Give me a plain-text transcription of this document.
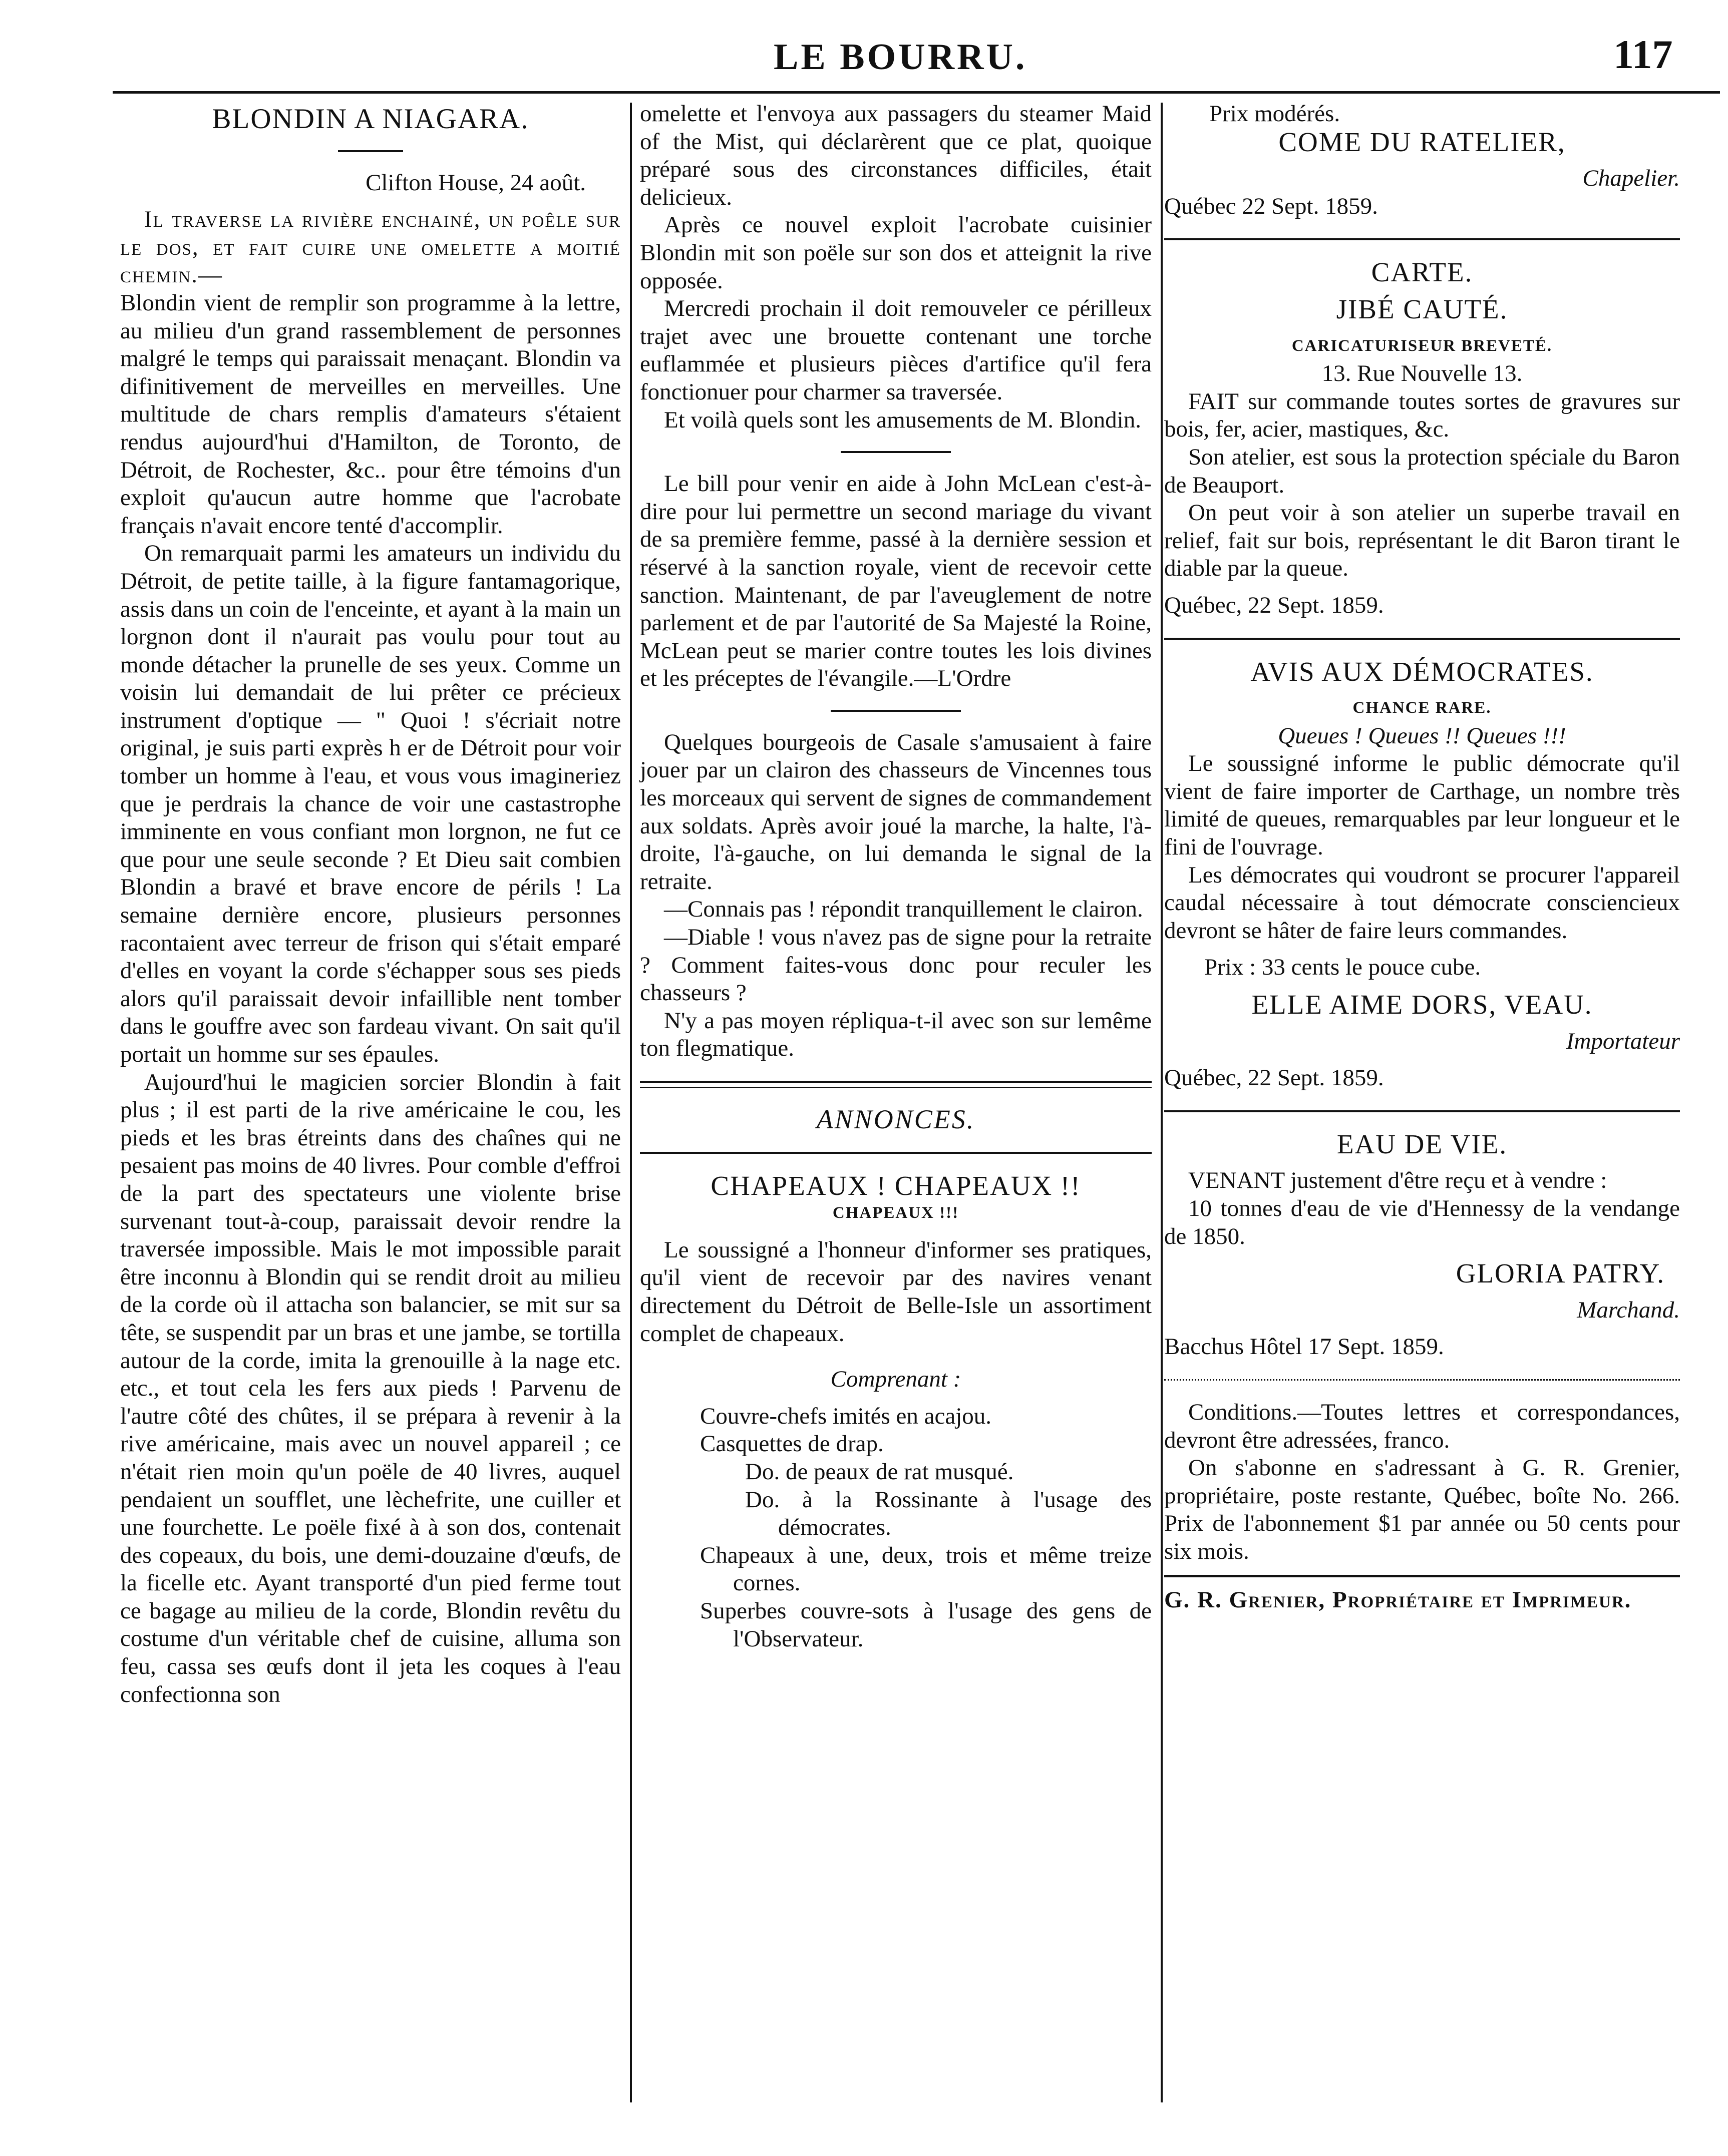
LE BOURRU.	117
BLONDIN A NIAGARA.

Clifton House, 24 août.

Il traverse la rivière enchainé, un poêle sur le dos, et fait cuire une omelette a moitié chemin.—

Blondin vient de remplir son programme à la lettre, au milieu d'un grand rassemblement de personnes malgré le temps qui paraissait menaçant. Blondin va difinitivement de merveilles en merveilles. Une multitude de chars remplis d'amateurs s'étaient rendus aujourd'hui d'Hamilton, de Toronto, de Détroit, de Rochester, &c.. pour être témoins d'un exploit qu'aucun autre homme que l'acrobate français n'avait encore tenté d'accomplir.

On remarquait parmi les amateurs un individu du Détroit, de petite taille, à la figure fantamagorique, assis dans un coin de l'enceinte, et ayant à la main un lorgnon dont il n'aurait pas voulu pour tout au monde détacher la prunelle de ses yeux. Comme un voisin lui demandait de lui prêter ce précieux instrument d'optique — " Quoi ! s'écriait notre original, je suis parti exprès h er de Détroit pour voir tomber un homme à l'eau, et vous vous imagineriez que je perdrais la chance de voir une castastrophe imminente en vous confiant mon lorgnon, ne fut ce que pour une seule seconde ? Et Dieu sait combien Blondin a bravé et brave encore de périls ! La semaine dernière encore, plusieurs personnes racontaient avec terreur de frison qui s'était emparé d'elles en voyant la corde s'échapper sous ses pieds alors qu'il paraissait devoir infaillible nent tomber dans le gouffre avec son fardeau vivant. On sait qu'il portait un homme sur ses épaules.

Aujourd'hui le magicien sorcier Blondin à fait plus ; il est parti de la rive américaine le cou, les pieds et les bras étreints dans des chaînes qui ne pesaient pas moins de 40 livres. Pour comble d'effroi de la part des spectateurs une violente brise survenant tout-à-coup, paraissait devoir rendre la traversée impossible. Mais le mot impossible parait être inconnu à Blondin qui se rendit droit au milieu de la corde où il attacha son balancier, se mit sur sa tête, se suspendit par un bras et une jambe, se tortilla autour de la corde, imita la grenouille à la nage etc. etc., et tout cela les fers aux pieds ! Parvenu de l'autre côté des chûtes, il se prépara à revenir à la rive américaine, mais avec un nouvel appareil ; ce n'était rien moin qu'un poële de 40 livres, auquel pendaient un soufflet, une lèchefrite, une cuiller et une fourchette. Le poële fixé à à son dos, contenait des copeaux, du bois, une demi-douzaine d'œufs, de la ficelle etc. Ayant transporté d'un pied ferme tout ce bagage au milieu de la corde, Blondin revêtu du costume d'un véritable chef de cuisine, alluma son feu, cassa ses œufs dont il jeta les coques à l'eau confectionna son

omelette et l'envoya aux passagers du steamer Maid of the Mist, qui déclarèrent que ce plat, quoique préparé sous des circonstances difficiles, était delicieux.

Après ce nouvel exploit l'acrobate cuisinier Blondin mit son poële sur son dos et atteignit la rive opposée.

Mercredi prochain il doit remouveler ce périlleux trajet avec une brouette contenant une torche euflammée et plusieurs pièces d'artifice qu'il fera fonctionuer pour charmer sa traversée.

Et voilà quels sont les amusements de M. Blondin.

Le bill pour venir en aide à John McLean c'est-à-dire pour lui permettre un second mariage du vivant de sa première femme, passé à la dernière session et réservé à la sanction royale, vient de recevoir cette sanction. Maintenant, de par l'aveuglement de notre parlement et de par l'autorité de Sa Majesté la Roine, McLean peut se marier contre toutes les lois divines et les préceptes de l'évangile.—L'Ordre

Quelques bourgeois de Casale s'amusaient à faire jouer par un clairon des chasseurs de Vincennes tous les morceaux qui servent de signes de commandement aux soldats. Après avoir joué la marche, la halte, l'à-droite, l'à-gauche, on lui demanda le signal de la retraite.

—Connais pas ! répondit tranquillement le clairon.

—Diable ! vous n'avez pas de signe pour la retraite ? Comment faites-vous donc pour reculer les chasseurs ?

N'y a pas moyen répliqua-t-il avec son sur lemême ton flegmatique.

ANNONCES.

CHAPEAUX ! CHAPEAUX !!

CHAPEAUX !!!

Le soussigné a l'honneur d'informer ses pratiques, qu'il vient de recevoir par des navires venant directement du Détroit de Belle-Isle un assortiment complet de chapeaux.

Comprenant :

Couvre-chefs imités en acajou.

Casquettes de drap.

Do. de peaux de rat musqué.

Do. à la Rossinante à l'usage des démocrates.

Chapeaux à une, deux, trois et même treize cornes.

Superbes couvre-sots à l'usage des gens de l'Observateur.

Prix modérés.

COME DU RATELIER,

Chapelier.

Québec 22 Sept. 1859.

CARTE.

JIBÉ CAUTÉ.

CARICATURISEUR BREVETÉ.

13. Rue Nouvelle 13.

FAIT sur commande toutes sortes de gravures sur bois, fer, acier, mastiques, &c.

Son atelier, est sous la protection spéciale du Baron de Beauport.

On peut voir à son atelier un superbe travail en relief, fait sur bois, représentant le dit Baron tirant le diable par la queue.

Québec, 22 Sept. 1859.

AVIS AUX DÉMOCRATES.

CHANCE RARE.

Queues ! Queues !! Queues !!!

Le soussigné informe le public démocrate qu'il vient de faire importer de Carthage, un nombre très limité de queues, remarquables par leur longueur et le fini de l'ouvrage.

Les démocrates qui voudront se procurer l'appareil caudal nécessaire à tout démocrate consciencieux devront se hâter de faire leurs commandes.

Prix : 33 cents le pouce cube.

ELLE AIME DORS, VEAU.

Importateur

Québec, 22 Sept. 1859.

EAU DE VIE.

VENANT justement d'être reçu et à vendre :

10 tonnes d'eau de vie d'Hennessy de la vendange de 1850.

GLORIA PATRY.

Marchand.

Bacchus Hôtel 17 Sept. 1859.

Conditions.—Toutes lettres et correspondances, devront être adressées, franco.

On s'abonne en s'adressant à G. R. Grenier, propriétaire, poste restante, Québec, boîte No. 266. Prix de l'abonnement $1 par année ou 50 cents pour six mois.

G. R. Grenier, Propriétaire et Imprimeur.
